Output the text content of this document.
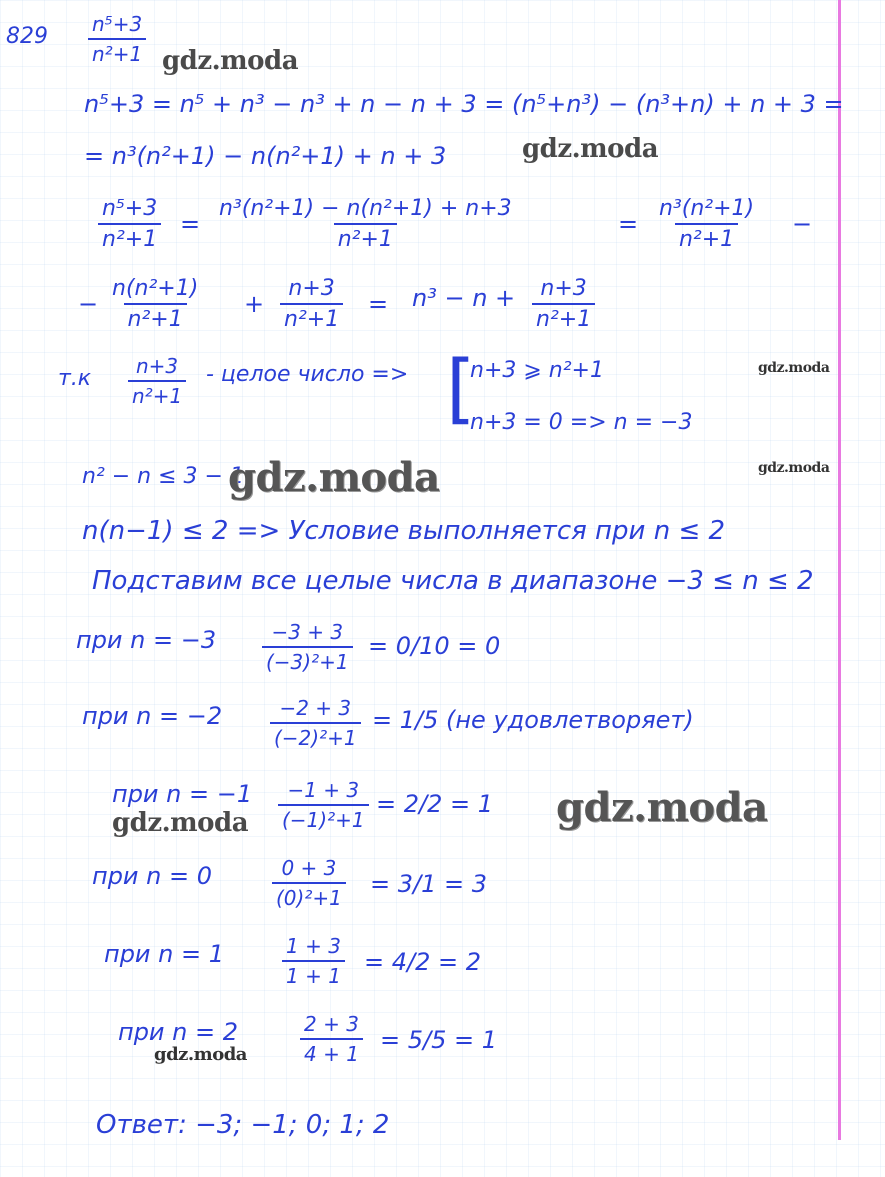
$829 \frac{\text{n⁵+3}}{\text{n²+1}}$
n⁵+3 = n⁵ + n³ − n³ + n − n + 3 = (n⁵+n³) − (n³+n) + n + 3 =
= n³(n²+1) − n(n²+1) + n + 3
$\frac{\text{n⁵+3}}{\text{n²+1}} = \frac{\text{n³(n²+1) − n(n²+1) + n+3}}{\text{n²+1}}$	= $\frac{\text{n³(n²+1)}}{\text{n²+1}}$ −
− $\frac{\text{n(n²+1)}}{\text{n²+1}} + \frac{n+3}{\text{n²+1}} = n^3 - n + \frac{n+3}{\text{n²+1}}$
$т.к \frac{n+3}{\text{n²+1}}$ - целое число => [
n+3 ⩾ n²+1
n+3 = 0 => n = −3
n² − n ≤ 3 − 1
n(n−1) ≤ 2 => Условие выполняется при n ≤ 2
Подставим все целые числа в диапазоне −3 ≤ n ≤ 2
при $n = -3 \frac{-3 + 3}{\text{(−3)²+1}} = 0/10 = 0$
при $n = -2 \frac{-2 + 3}{\text{(−2)²+1}} = 1/5$ (не удовлетворяет)
при $n = -1 \frac{-1 + 3}{\text{(−1)²+1}} = 2/2 = 1$
при n = 0	$\frac{0 + 3}{\text{(0)²+1}} = 3/1 = 3$
при n = 1	$\frac{1 + 3}{1 + 1} = 4/2 = 2$
при n = 2	$\frac{2 + 3}{4 + 1} = 5/5 = 1$
Ответ: −3; −1; 0; 1; 2
gdz.moda
gdz.moda
gdz.moda
gdz.moda	gdz.moda
gdz.moda
gdz.moda
gdz.moda
